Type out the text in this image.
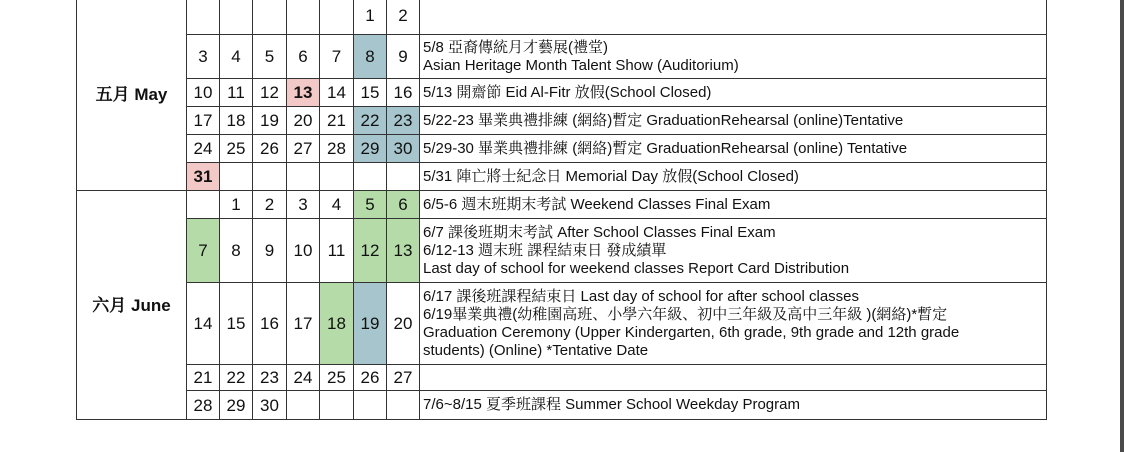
五月 May						1	2	
	3	4	5	6	7	8	9	5/8 亞裔傳統月才藝展(禮堂)
Asian Heritage Month Talent Show (Auditorium)

	10	11	12	13	14	15	16	5/13 開齋節 Eid Al-Fitr 放假(School Closed)

	17	18	19	20	21	22	23	5/22-23 畢業典禮排練 (網絡)暫定 GraduationRehearsal (online)Tentative

	24	25	26	27	28	29	30	5/29-30 畢業典禮排練 (網絡)暫定 GraduationRehearsal (online) Tentative

	31							5/31 陣亡將士紀念日 Memorial Day 放假(School Closed)

六月 June		1	2	3	4	5	6	6/5-6 週末班期末考試 Weekend Classes Final Exam

	7	8	9	10	11	12	13	6/7 課後班期末考試 After School Classes Final Exam
6/12-13 週末班 課程結束日 發成績單
Last day of school for weekend classes Report Card Distribution

	14	15	16	17	18	19	20	6/17 課後班課程結束日 Last day of school for after school classes
6/19畢業典禮(幼稚園高班、小學六年級、初中三年級及高中三年級 )(網絡)*暫定
Graduation Ceremony (Upper Kindergarten, 6th grade, 9th grade and 12th grade
students) (Online) *Tentative Date

	21	22	23	24	25	26	27	
	28	29	30					7/6~8/15 夏季班課程 Summer School Weekday Program
